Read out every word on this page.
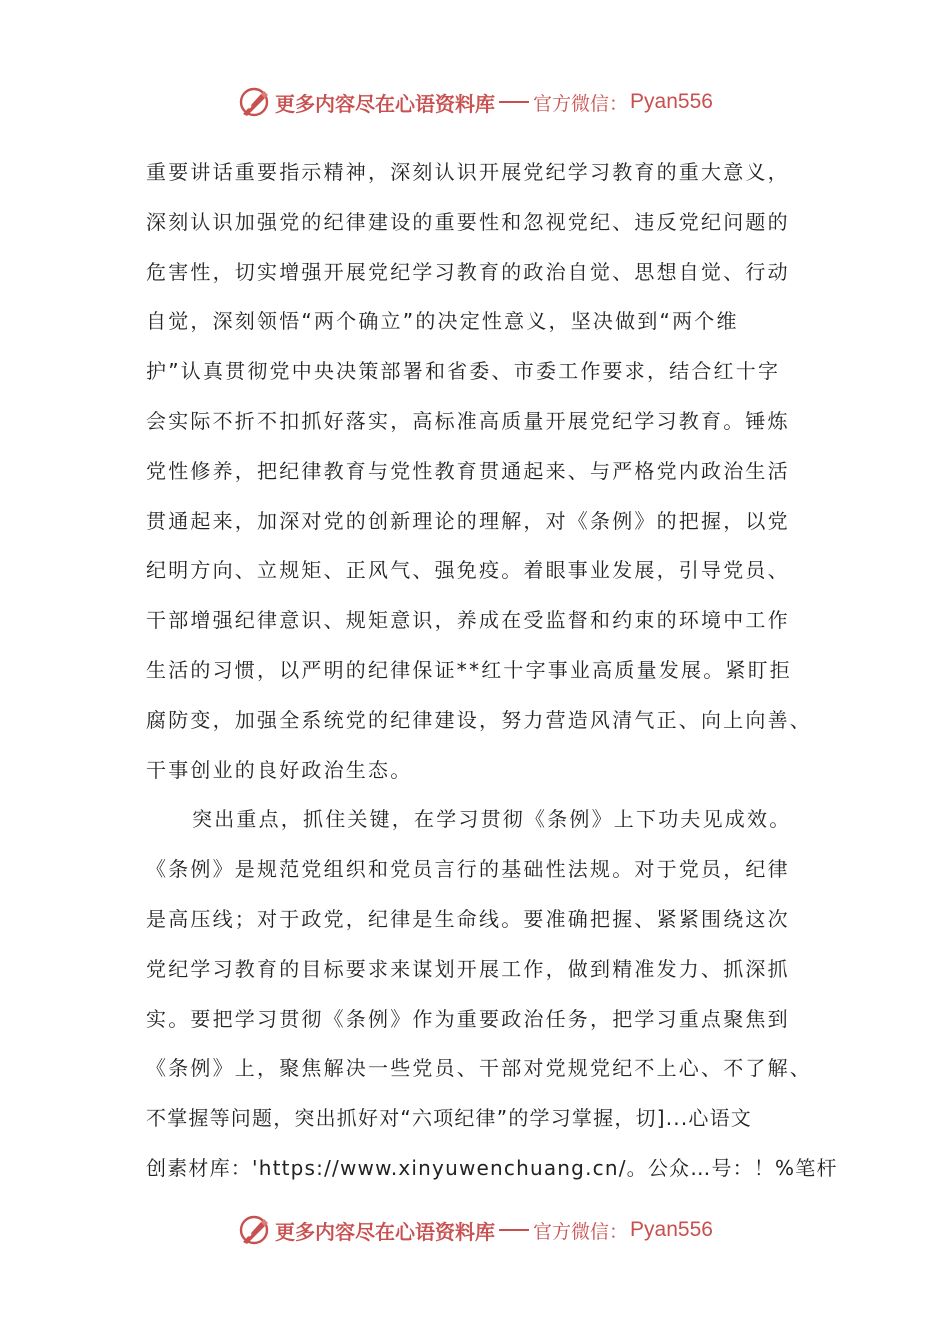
更多内容尽在心语资料库 官方微信： Pyan556
重要讲话重要指示精神，深刻认识开展党纪学习教育的重大意义，
深刻认识加强党的纪律建设的重要性和忽视党纪、违反党纪问题的
危害性，切实增强开展党纪学习教育的政治自觉、思想自觉、行动
自觉，深刻领悟“两个确立”的决定性意义，坚决做到“两个维
护”认真贯彻党中央决策部署和省委、市委工作要求，结合红十字
会实际不折不扣抓好落实，高标准高质量开展党纪学习教育。锤炼
党性修养，把纪律教育与党性教育贯通起来、与严格党内政治生活
贯通起来，加深对党的创新理论的理解，对《条例》的把握，以党
纪明方向、立规矩、正风气、强免疫。着眼事业发展，引导党员、
干部增强纪律意识、规矩意识，养成在受监督和约束的环境中工作
生活的习惯，以严明的纪律保证**红十字事业高质量发展。紧盯拒
腐防变，加强全系统党的纪律建设，努力营造风清气正、向上向善、
干事创业的良好政治生态。
突出重点，抓住关键，在学习贯彻《条例》上下功夫见成效。
《条例》是规范党组织和党员言行的基础性法规。对于党员，纪律
是高压线；对于政党，纪律是生命线。要准确把握、紧紧围绕这次
党纪学习教育的目标要求来谋划开展工作，做到精准发力、抓深抓
实。要把学习贯彻《条例》作为重要政治任务，把学习重点聚焦到
《条例》上，聚焦解决一些党员、干部对党规党纪不上心、不了解、
不掌握等问题，突出抓好对“六项纪律”的学习掌握，切]...心语文
创素材库：'https://www.xinyuwenchuang.cn/。公众…号：！%笔杆
更多内容尽在心语资料库 官方微信： Pyan556
